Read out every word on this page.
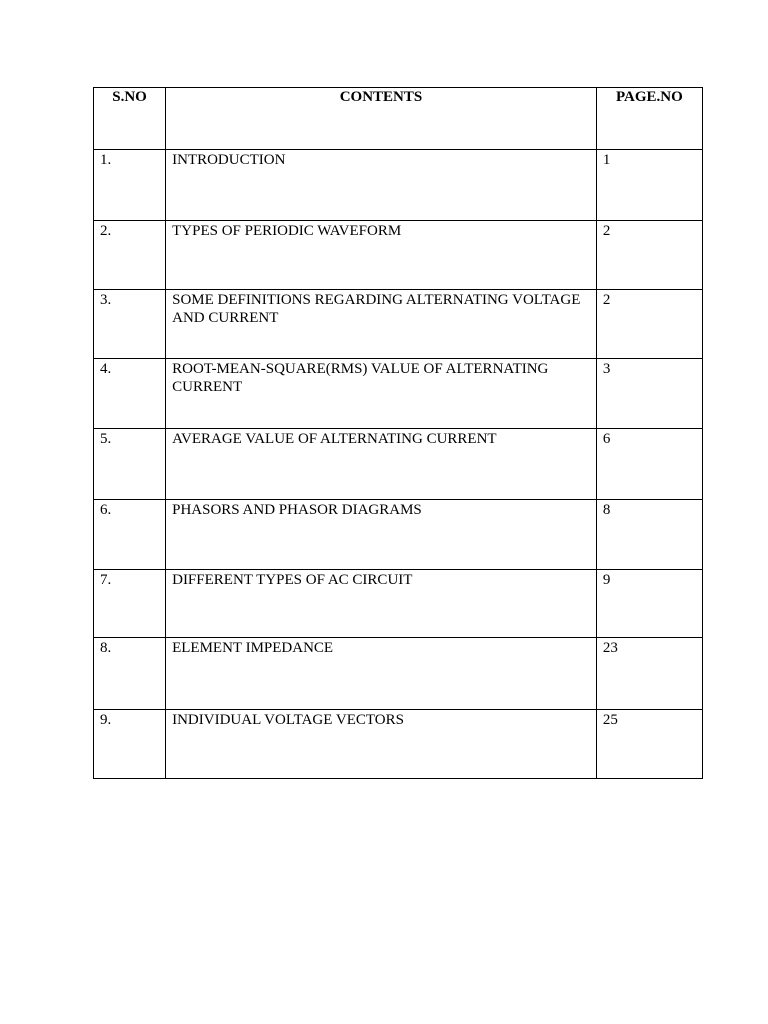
S.NO	CONTENTS	PAGE.NO
1.	INTRODUCTION	1
2.	TYPES OF PERIODIC WAVEFORM	2
3.	SOME DEFINITIONS REGARDING ALTERNATING VOLTAGE AND CURRENT	2
4.	ROOT-MEAN-SQUARE(RMS) VALUE OF ALTERNATING CURRENT	3
5.	AVERAGE VALUE OF ALTERNATING CURRENT	6
6.	PHASORS AND PHASOR DIAGRAMS	8
7.	DIFFERENT TYPES OF AC CIRCUIT	9
8.	ELEMENT IMPEDANCE	23
9.	INDIVIDUAL VOLTAGE VECTORS	25
